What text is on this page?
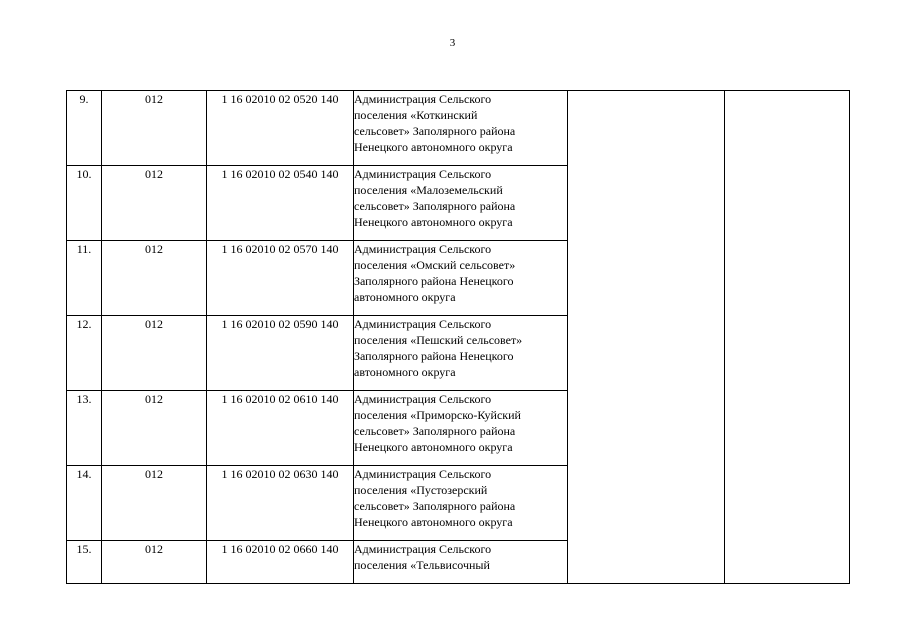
3
9.	012	1 16 02010 02 0520 140	Администрация Сельского
поселения «Коткинский
сельсовет» Заполярного района
Ненецкого автономного округа		

10.	012	1 16 02010 02 0540 140	Администрация Сельского
поселения «Малоземельский
сельсовет» Заполярного района
Ненецкого автономного округа		

11.	012	1 16 02010 02 0570 140	Администрация Сельского
поселения «Омский сельсовет»
Заполярного района Ненецкого
автономного округа		

12.	012	1 16 02010 02 0590 140	Администрация Сельского
поселения «Пешский сельсовет»
Заполярного района Ненецкого
автономного округа		

13.	012	1 16 02010 02 0610 140	Администрация Сельского
поселения «Приморско-Куйский
сельсовет» Заполярного района
Ненецкого автономного округа		

14.	012	1 16 02010 02 0630 140	Администрация Сельского
поселения «Пустозерский
сельсовет» Заполярного района
Ненецкого автономного округа		

15.	012	1 16 02010 02 0660 140	Администрация Сельского
поселения «Тельвисочный		
